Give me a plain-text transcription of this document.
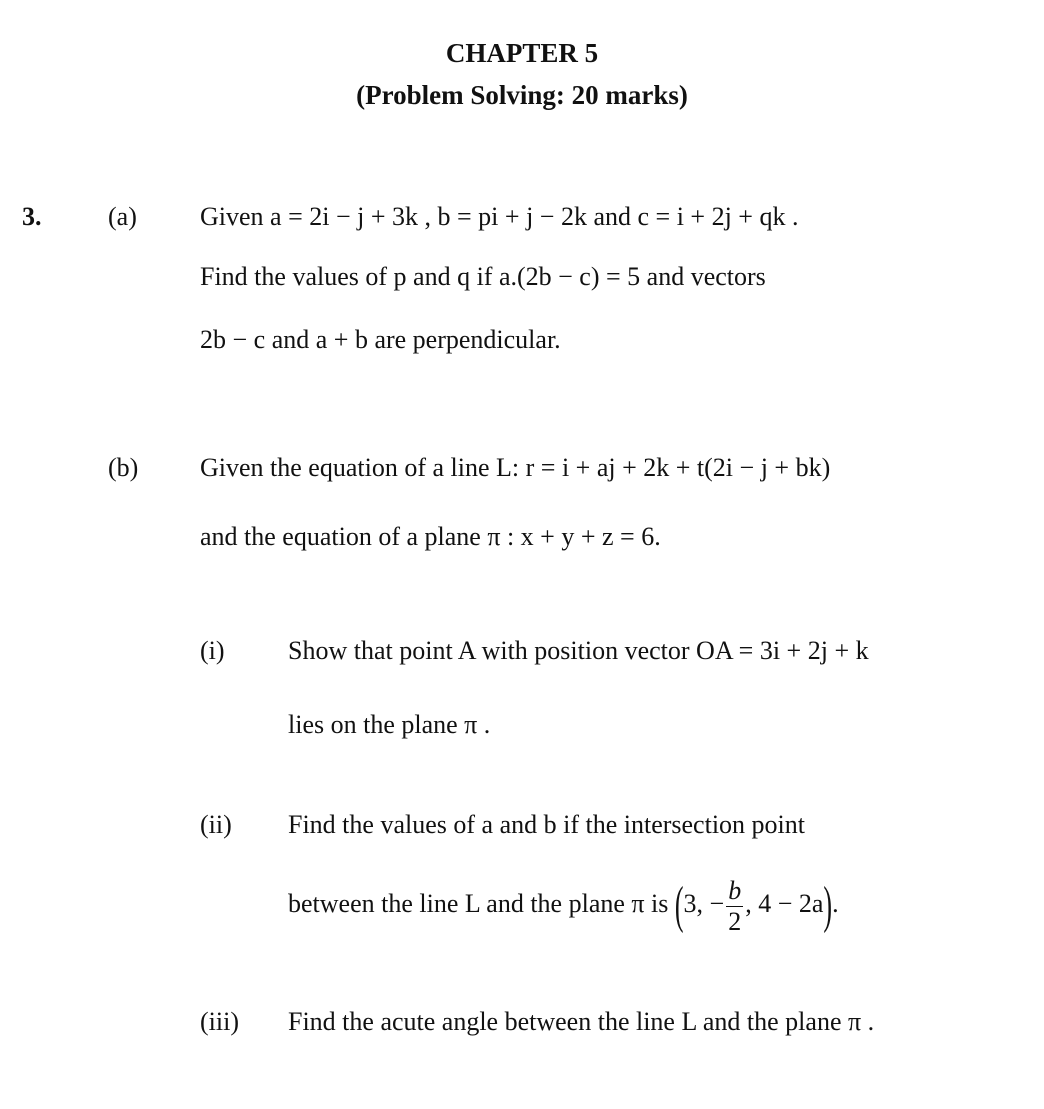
CHAPTER 5
(Problem Solving: 20 marks)
3.	(a) Given a = 2i − j + 3k , b = pi + j − 2k and c = i + 2j + qk .
Find the values of p and q if a.(2b − c) = 5 and vectors
2b − c and a + b are perpendicular.
(b) Given the equation of a line L: r = i + aj + 2k + t(2i − j + bk)
and the equation of a plane π : x + y + z = 6.
(i) Show that point A with position vector OA = 3i + 2j + k
lies on the plane π .
(ii) Find the values of a and b if the intersection point
between the line L and the plane π is (3, − $\frac{b}{2}$ , 4 − 2a).
(iii) Find the acute angle between the line L and the plane π .
